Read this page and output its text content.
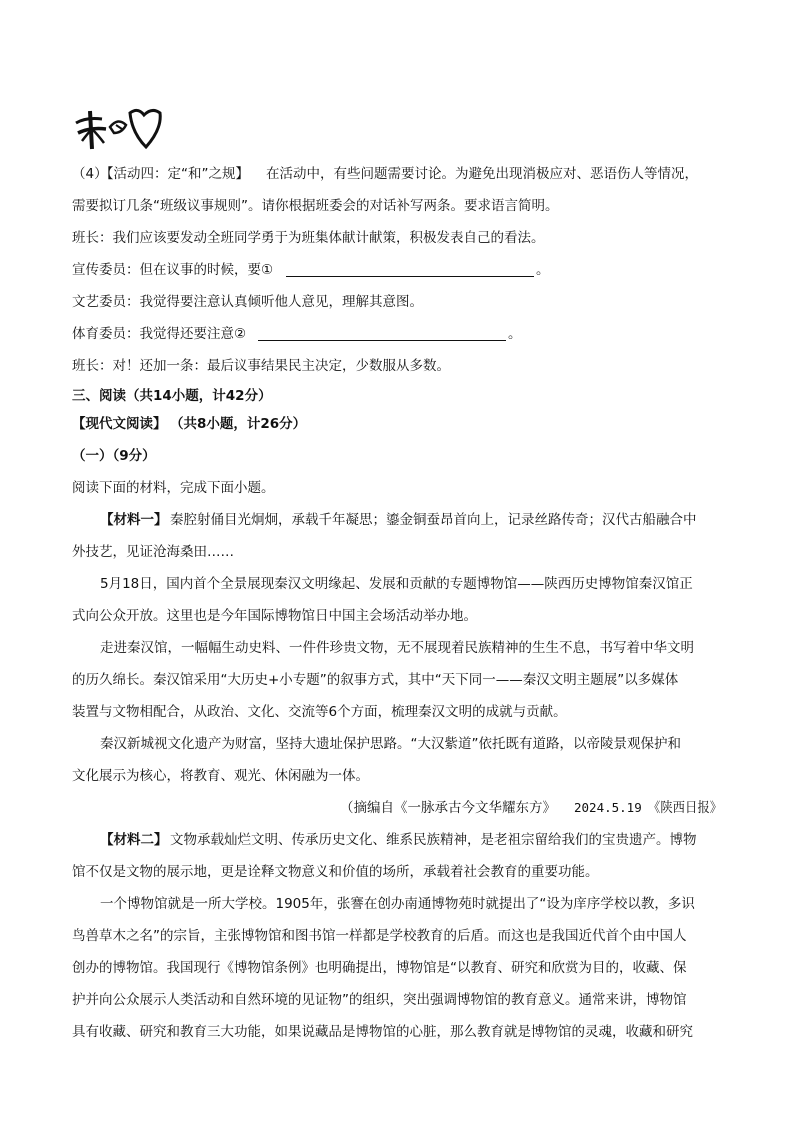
（4）
【活动四：定“和”之规】 在活动中，有些问题需要讨论。为避免出现消极应对、恶语伤人等情况，
需要拟订几条“班级议事规则”。请你根据班委会的对话补写两条。要求语言简明。
班长：我们应该要发动全班同学勇于为班集体献计献策，积极发表自己的看法。
宣传委员：但在议事的时候，要①	。
文艺委员：我觉得要注意认真倾听他人意见，理解其意图。
体育委员：我觉得还要注意②	。
班长：对！还加一条：最后议事结果民主决定，少数服从多数。
三、阅读（共14小题，计42分）
【现代文阅读】 （共8小题，计26分）
（一）（9分）
阅读下面的材料，完成下面小题。
【材料一】 秦腔射俑目光炯炯，承载千年凝思；鎏金铜蚕昂首向上，记录丝路传奇；汉代古船融合中
外技艺，见证沧海桑田……
5月18日，国内首个全景展现秦汉文明缘起、发展和贡献的专题博物馆——陕西历史博物馆秦汉馆正
式向公众开放。这里也是今年国际博物馆日中国主会场活动举办地。
走进秦汉馆，一幅幅生动史料、一件件珍贵文物，无不展现着民族精神的生生不息，书写着中华文明
的历久绵长。秦汉馆采用“大历史+小专题”的叙事方式，其中“天下同一——秦汉文明主题展”以多媒体
装置与文物相配合，从政治、文化、交流等6个方面，梳理秦汉文明的成就与贡献。
秦汉新城视文化遗产为财富，坚持大遗址保护思路。“大汉紫道”依托既有道路，以帝陵景观保护和
文化展示为核心，将教育、观光、休闲融为一体。
（摘编自《一脉承古今文华耀东方》 2024.5.19 《陕西日报》
【材料二】 文物承载灿烂文明、传承历史文化、维系民族精神，是老祖宗留给我们的宝贵遗产。博物
馆不仅是文物的展示地，更是诠释文物意义和价值的场所，承载着社会教育的重要功能。
一个博物馆就是一所大学校。1905年，张謇在创办南通博物苑时就提出了“设为庠序学校以教，多识
鸟兽草木之名”的宗旨，主张博物馆和图书馆一样都是学校教育的后盾。而这也是我国近代首个由中国人
创办的博物馆。我国现行《博物馆条例》也明确提出，博物馆是“以教育、研究和欣赏为目的，收藏、保
护并向公众展示人类活动和自然环境的见证物”的组织，突出强调博物馆的教育意义。通常来讲，博物馆
具有收藏、研究和教育三大功能，如果说藏品是博物馆的心脏，那么教育就是博物馆的灵魂，收藏和研究
